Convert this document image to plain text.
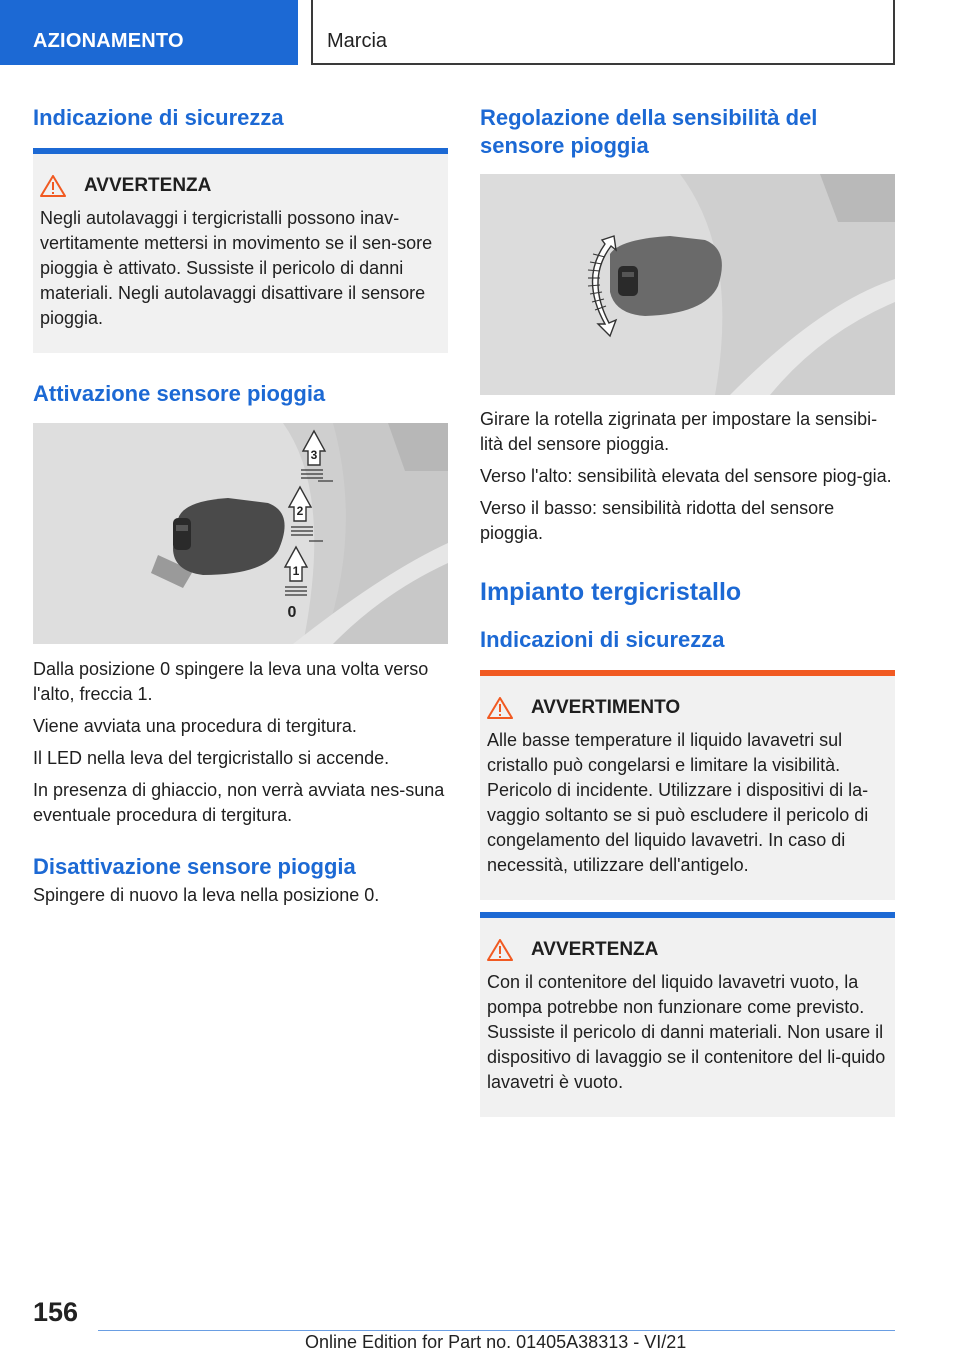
AZIONAMENTO	Marcia
Indicazione di sicurezza
AVVERTENZA
Negli autolavaggi i tergicristalli possono inav-vertitamente mettersi in movimento se il sen-sore pioggia è attivato. Sussiste il pericolo di danni materiali. Negli autolavaggi disattivare il sensore pioggia.
Attivazione sensore pioggia
3
2
1
0
Dalla posizione 0 spingere la leva una volta verso l'alto, freccia 1.
Viene avviata una procedura di tergitura.
Il LED nella leva del tergicristallo si accende.
In presenza di ghiaccio, non verrà avviata nes-suna eventuale procedura di tergitura.
Disattivazione sensore pioggia
Spingere di nuovo la leva nella posizione 0.
Regolazione della sensibilità del sensore pioggia
Girare la rotella zigrinata per impostare la sensibi-lità del sensore pioggia.
Verso l'alto: sensibilità elevata del sensore piog-gia.
Verso il basso: sensibilità ridotta del sensore pioggia.
Impianto tergicristallo
Indicazioni di sicurezza
AVVERTIMENTO
Alle basse temperature il liquido lavavetri sul cristallo può congelarsi e limitare la visibilità. Pericolo di incidente. Utilizzare i dispositivi di la-vaggio soltanto se si può escludere il pericolo di congelamento del liquido lavavetri. In caso di necessità, utilizzare dell'antigelo.
AVVERTENZA
Con il contenitore del liquido lavavetri vuoto, la pompa potrebbe non funzionare come previsto. Sussiste il pericolo di danni materiali. Non usare il dispositivo di lavaggio se il contenitore del li-quido lavavetri è vuoto.
156
Online Edition for Part no. 01405A38313 - VI/21
